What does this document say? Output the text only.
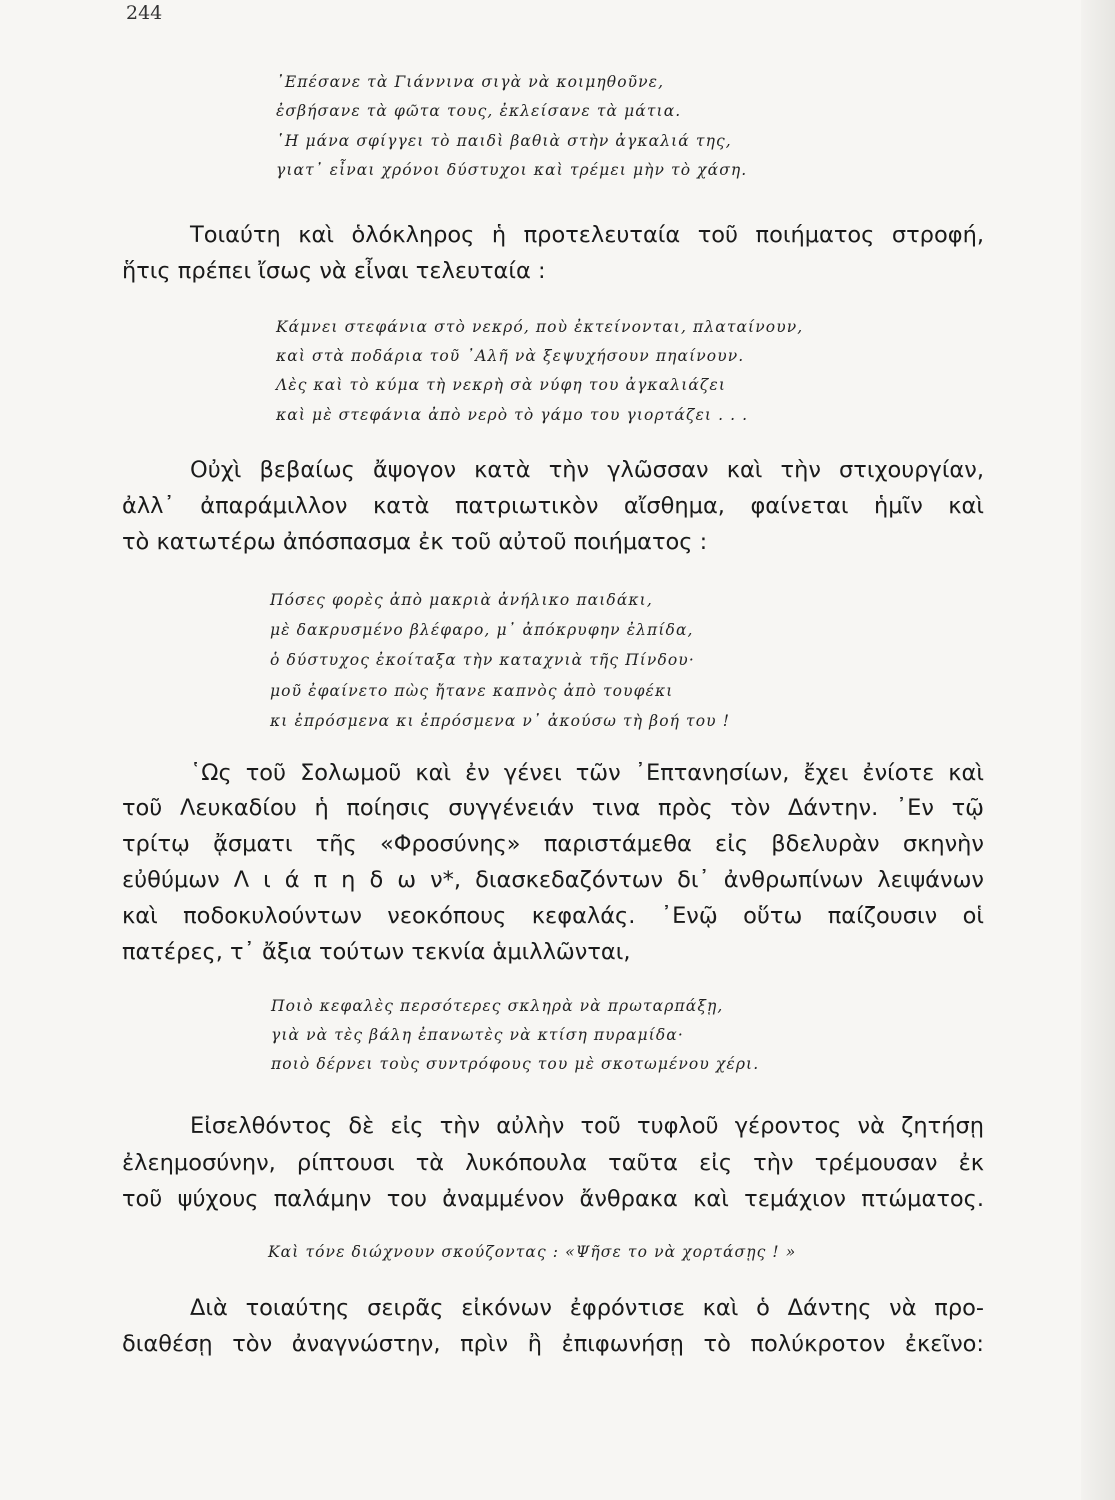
244
᾿Επέσανε τὰ Γιάννινα σιγὰ νὰ κοιμηθοῦνε,
ἐσβήσανε τὰ φῶτα τους, ἐκλείσανε τὰ μάτια.
῾Η μάνα σφίγγει τὸ παιδὶ βαθιὰ στὴν ἀγκαλιά της,
γιατ᾿ εἶναι χρόνοι δύστυχοι καὶ τρέμει μὴν τὸ χάση.
Τοιαύτη καὶ ὁλόκληρος ἡ προτελευταία τοῦ ποιήματος στροφή,
ἥτις πρέπει ἴσως νὰ εἶναι τελευταία :
Κάμνει στεφάνια στὸ νεκρό, ποὺ ἐκτείνονται, πλαταίνουν,
καὶ στὰ ποδάρια τοῦ ᾿Αλῆ νὰ ξεψυχήσουν πηαίνουν.
Λὲς καὶ τὸ κύμα τὴ νεκρὴ σὰ νύφη του ἀγκαλιάζει
καὶ μὲ στεφάνια ἀπὸ νερὸ τὸ γάμο του γιορτάζει . . .
Οὐχὶ βεβαίως ἄψογον κατὰ τὴν γλῶσσαν καὶ τὴν στιχουργίαν,
ἀλλ᾿ ἀπαράμιλλον κατὰ πατριωτικὸν αἴσθημα, φαίνεται ἡμῖν καὶ
τὸ κατωτέρω ἀπόσπασμα ἐκ τοῦ αὐτοῦ ποιήματος :
Πόσες φορὲς ἀπὸ μακριὰ ἀνήλικο παιδάκι,
μὲ δακρυσμένο βλέφαρο, μ᾿ ἀπόκρυφην ἐλπίδα,
ὁ δύστυχος ἐκοίταξα τὴν καταχνιὰ τῆς Πίνδου·
μοῦ ἐφαίνετο πὼς ἤτανε καπνὸς ἀπὸ τουφέκι
κι ἐπρόσμενα κι ἐπρόσμενα ν᾿ ἀκούσω τὴ βοή του !
῾Ως τοῦ Σολωμοῦ καὶ ἐν γένει τῶν ᾿Επτανησίων, ἔχει ἐνίοτε καὶ
τοῦ Λευκαδίου ἡ ποίησις συγγένειάν τινα πρὸς τὸν Δάντην. ᾿Εν τῷ
τρίτῳ ᾄσματι τῆς «Φροσύνης» παριστάμεθα εἰς βδελυρὰν σκηνὴν
εὐθύμων Λ ι ά π η δ ω ν*, διασκεδαζόντων δι᾿ ἀνθρωπίνων λειψάνων
καὶ ποδοκυλούντων νεοκόπους κεφαλάς. ᾿Ενῷ οὕτω παίζουσιν οἱ
πατέρες, τ᾿ ἄξια τούτων τεκνία ἁμιλλῶνται,
Ποιὸ κεφαλὲς περσότερες σκληρὰ νὰ πρωταρπάξῃ,
γιὰ νὰ τὲς βάλη ἐπανωτὲς νὰ κτίση πυραμίδα·
ποιὸ δέρνει τοὺς συντρόφους του μὲ σκοτωμένου χέρι.
Εἰσελθόντος δὲ εἰς τὴν αὐλὴν τοῦ τυφλοῦ γέροντος νὰ ζητήσῃ
ἐλεημοσύνην, ρίπτουσι τὰ λυκόπουλα ταῦτα εἰς τὴν τρέμουσαν ἐκ
τοῦ ψύχους παλάμην του ἀναμμένον ἄνθρακα καὶ τεμάχιον πτώματος.
Καὶ τόνε διώχνουν σκούζοντας : «Ψῆσε το νὰ χορτάσῃς ! »
Διὰ τοιαύτης σειρᾶς εἰκόνων ἐφρόντισε καὶ ὁ Δάντης νὰ προ-
διαθέσῃ τὸν ἀναγνώστην, πρὶν ἢ ἐπιφωνήσῃ τὸ πολύκροτον ἐκεῖνο:
